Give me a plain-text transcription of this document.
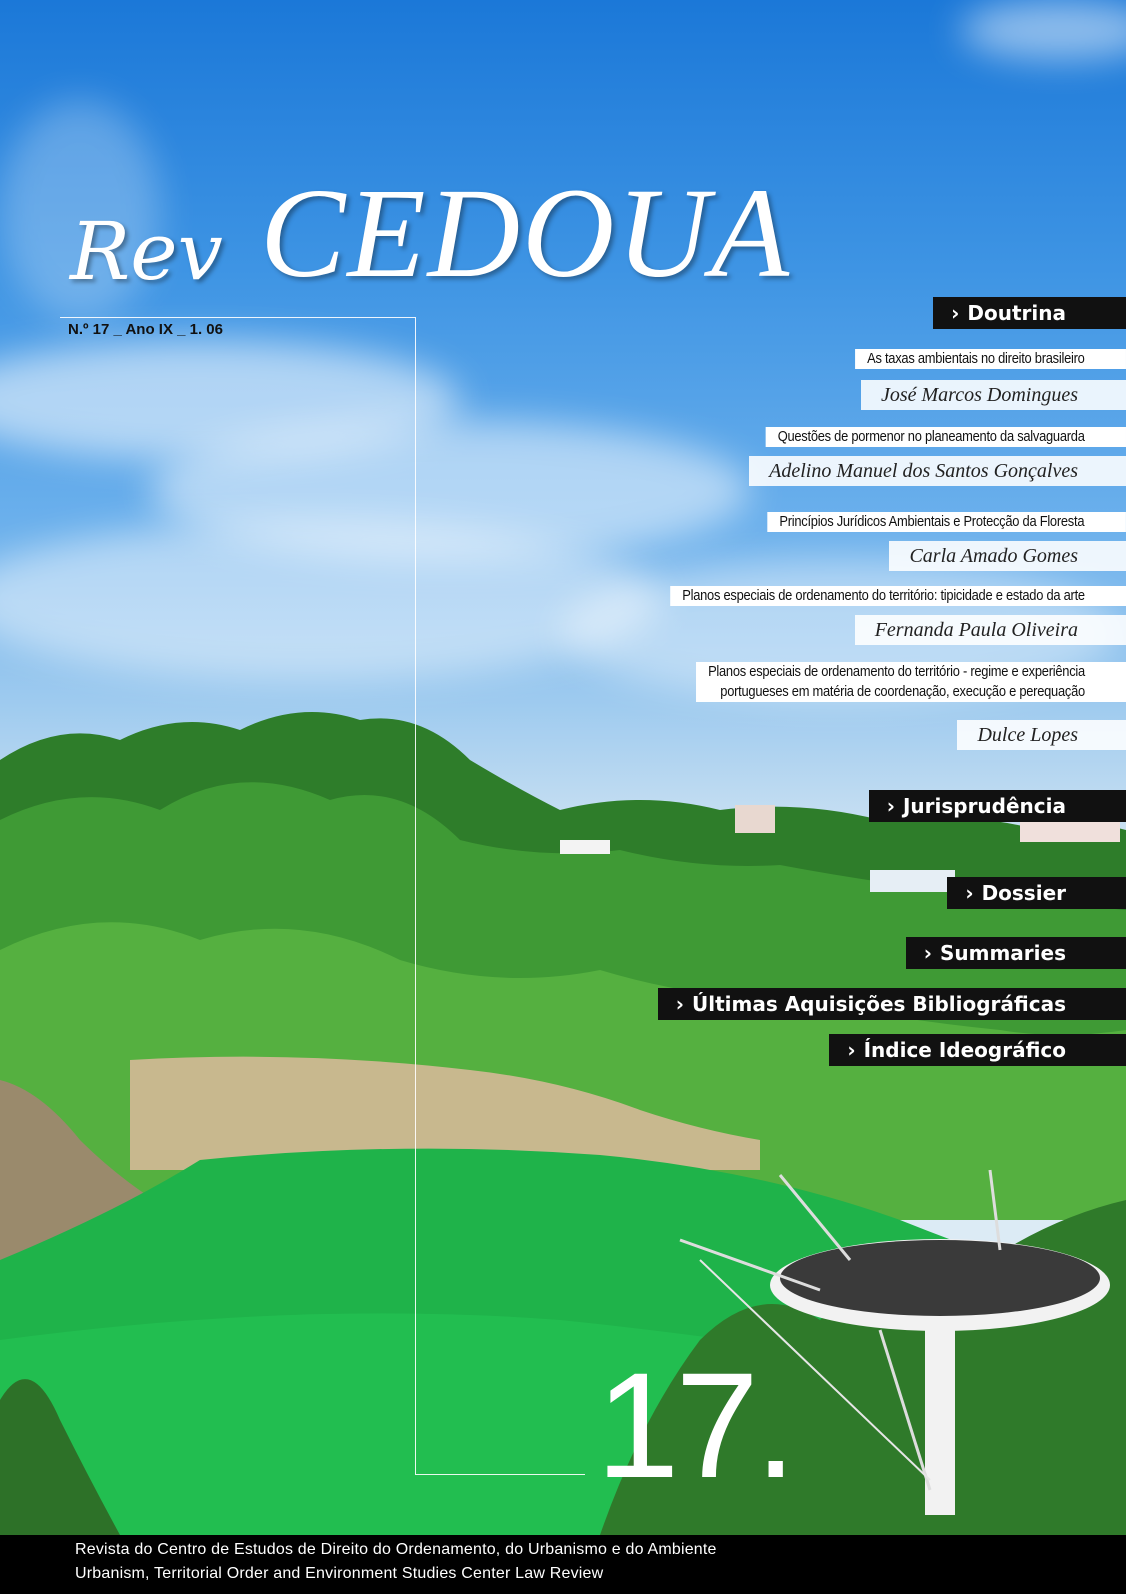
Rev CEDOUA
N.º 17 _ Ano IX _ 1. 06
› Doutrina
As taxas ambientais no direito brasileiro
José Marcos Domingues
Questões de pormenor no planeamento da salvaguarda
Adelino Manuel dos Santos Gonçalves
Princípios Jurídicos Ambientais e Protecção da Floresta
Carla Amado Gomes
Planos especiais de ordenamento do território: tipicidade e estado da arte
Fernanda Paula Oliveira
Planos especiais de ordenamento do território - regime e experiência
portugueses em matéria de coordenação, execução e perequação
Dulce Lopes
› Jurisprudência
› Dossier
› Summaries
› Últimas Aquisições Bibliográficas
› Índice Ideográfico
17.
Revista do Centro de Estudos de Direito do Ordenamento, do Urbanismo e do Ambiente
Urbanism, Territorial Order and Environment Studies Center Law Review
